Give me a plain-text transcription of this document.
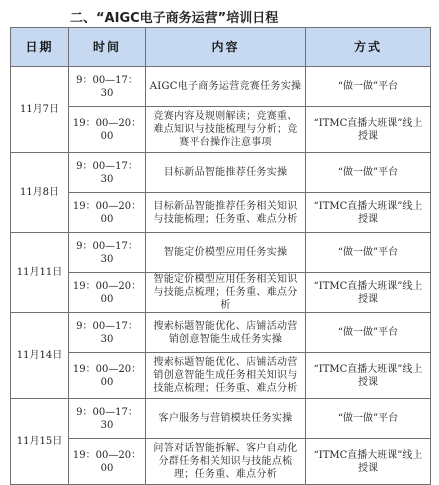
二、“AIGC电子商务运营”培训日程
日期	时间	内容	方式
11月7日	9：00—17：30	AIGC电子商务运营竞赛任务实操	“做一做”平台
	19：00—20：00	竞赛内容及规则解读；竞赛重、难点知识与技能梳理与分析；竞赛平台操作注意事项	“ITMC直播大班课”线上授课
11月8日	9：00—17：30	目标新品智能推荐任务实操	“做一做”平台
	19：00—20：00	目标新品智能推荐任务相关知识与技能梳理；任务重、难点分析	“ITMC直播大班课”线上授课
11月11日	9：00—17：30	智能定价模型应用任务实操	“做一做”平台
	19：00—20：00	智能定价模型应用任务相关知识与技能点梳理；任务重、难点分析	“ITMC直播大班课”线上授课
11月14日	9：00—17：30	搜索标题智能优化、店铺活动营销创意智能生成任务实操	“做一做”平台
	19：00—20：00	搜索标题智能优化、店铺活动营销创意智能生成任务相关知识与技能点梳理；任务重、难点分析	“ITMC直播大班课”线上授课
11月15日	9：00—17：30	客户服务与营销模块任务实操	“做一做”平台
	19：00—20：00	问答对话智能拆解、客户自动化分群任务相关知识与技能点梳理；任务重、难点分析	“ITMC直播大班课”线上授课
